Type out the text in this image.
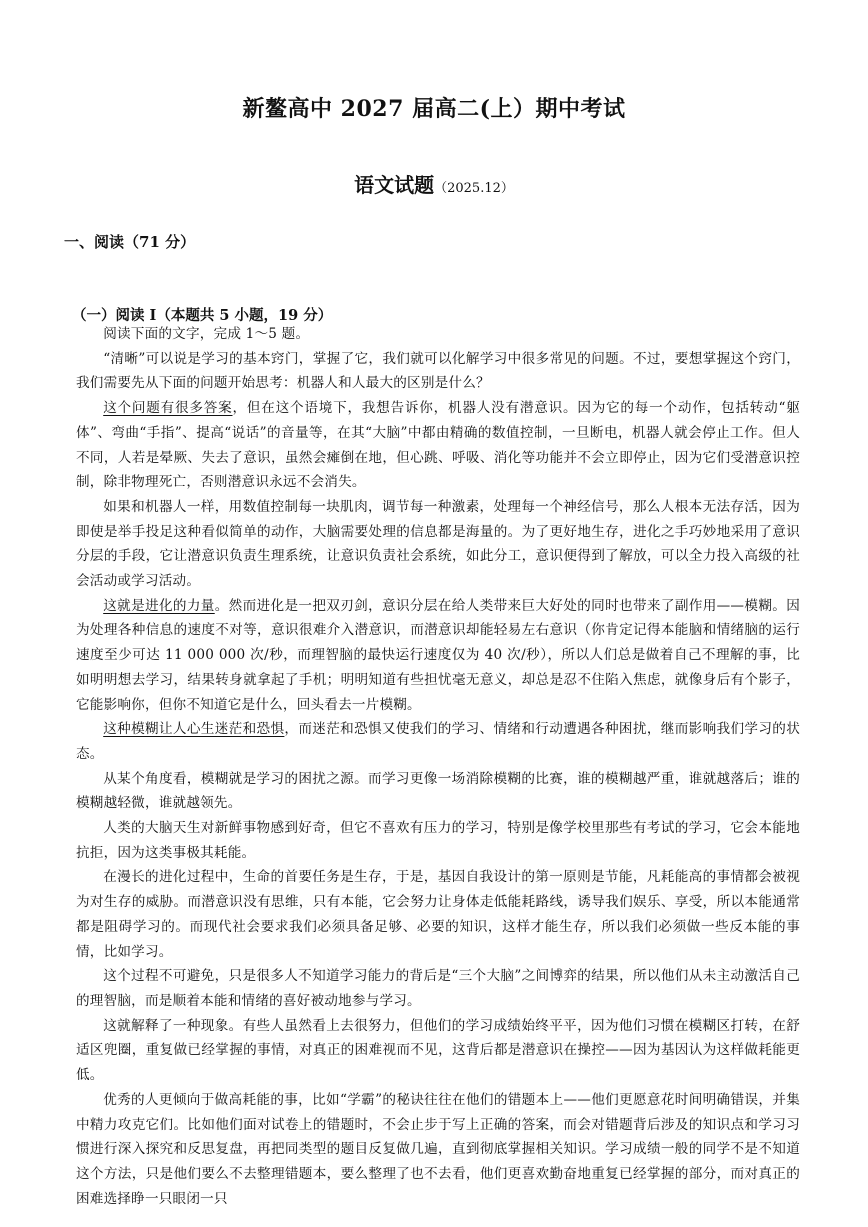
新鳌高中 2027 届高二(上）期中考试
语文试题（2025.12）
一、阅读（71 分）
（一）阅读 I（本题共 5 小题，19 分）

阅读下面的文字，完成 1～5 题。

“清晰”可以说是学习的基本窍门，掌握了它，我们就可以化解学习中很多常见的问题。不过，要想掌握这个窍门，我们需要先从下面的问题开始思考：机器人和人最大的区别是什么？

这个问题有很多答案，但在这个语境下，我想告诉你，机器人没有潜意识。因为它的每一个动作，包括转动“躯体”、弯曲“手指”、提高“说话”的音量等，在其“大脑”中都由精确的数值控制，一旦断电，机器人就会停止工作。但人不同，人若是晕厥、失去了意识，虽然会瘫倒在地，但心跳、呼吸、消化等功能并不会立即停止，因为它们受潜意识控制，除非物理死亡，否则潜意识永远不会消失。

如果和机器人一样，用数值控制每一块肌肉，调节每一种激素，处理每一个神经信号，那么人根本无法存活，因为即使是举手投足这种看似简单的动作，大脑需要处理的信息都是海量的。为了更好地生存，进化之手巧妙地采用了意识分层的手段，它让潜意识负责生理系统，让意识负责社会系统，如此分工，意识便得到了解放，可以全力投入高级的社会活动或学习活动。

这就是进化的力量。然而进化是一把双刃剑，意识分层在给人类带来巨大好处的同时也带来了副作用——模糊。因为处理各种信息的速度不对等，意识很难介入潜意识，而潜意识却能轻易左右意识（你肯定记得本能脑和情绪脑的运行速度至少可达 11 000 000 次/秒，而理智脑的最快运行速度仅为 40 次/秒），所以人们总是做着自己不理解的事，比如明明想去学习，结果转身就拿起了手机；明明知道有些担忧毫无意义，却总是忍不住陷入焦虑，就像身后有个影子，它能影响你，但你不知道它是什么，回头看去一片模糊。

这种模糊让人心生迷茫和恐惧，而迷茫和恐惧又使我们的学习、情绪和行动遭遇各种困扰，继而影响我们学习的状态。

从某个角度看，模糊就是学习的困扰之源。而学习更像一场消除模糊的比赛，谁的模糊越严重，谁就越落后；谁的模糊越轻微，谁就越领先。

人类的大脑天生对新鲜事物感到好奇，但它不喜欢有压力的学习，特别是像学校里那些有考试的学习，它会本能地抗拒，因为这类事极其耗能。

在漫长的进化过程中，生命的首要任务是生存，于是，基因自我设计的第一原则是节能，凡耗能高的事情都会被视为对生存的威胁。而潜意识没有思维，只有本能，它会努力让身体走低能耗路线，诱导我们娱乐、享受，所以本能通常都是阻碍学习的。而现代社会要求我们必须具备足够、必要的知识，这样才能生存，所以我们必须做一些反本能的事情，比如学习。

这个过程不可避免，只是很多人不知道学习能力的背后是“三个大脑”之间博弈的结果，所以他们从未主动激活自己的理智脑，而是顺着本能和情绪的喜好被动地参与学习。

这就解释了一种现象。有些人虽然看上去很努力，但他们的学习成绩始终平平，因为他们习惯在模糊区打转，在舒适区兜圈，重复做已经掌握的事情，对真正的困难视而不见，这背后都是潜意识在操控——因为基因认为这样做耗能更低。

优秀的人更倾向于做高耗能的事，比如“学霸”的秘诀往往在他们的错题本上——他们更愿意花时间明确错误，并集中精力攻克它们。比如他们面对试卷上的错题时，不会止步于写上正确的答案，而会对错题背后涉及的知识点和学习习惯进行深入探究和反思复盘，再把同类型的题目反复做几遍，直到彻底掌握相关知识。学习成绩一般的同学不是不知道这个方法，只是他们要么不去整理错题本，要么整理了也不去看，他们更喜欢勤奋地重复已经掌握的部分，而对真正的困难选择睁一只眼闭一只
